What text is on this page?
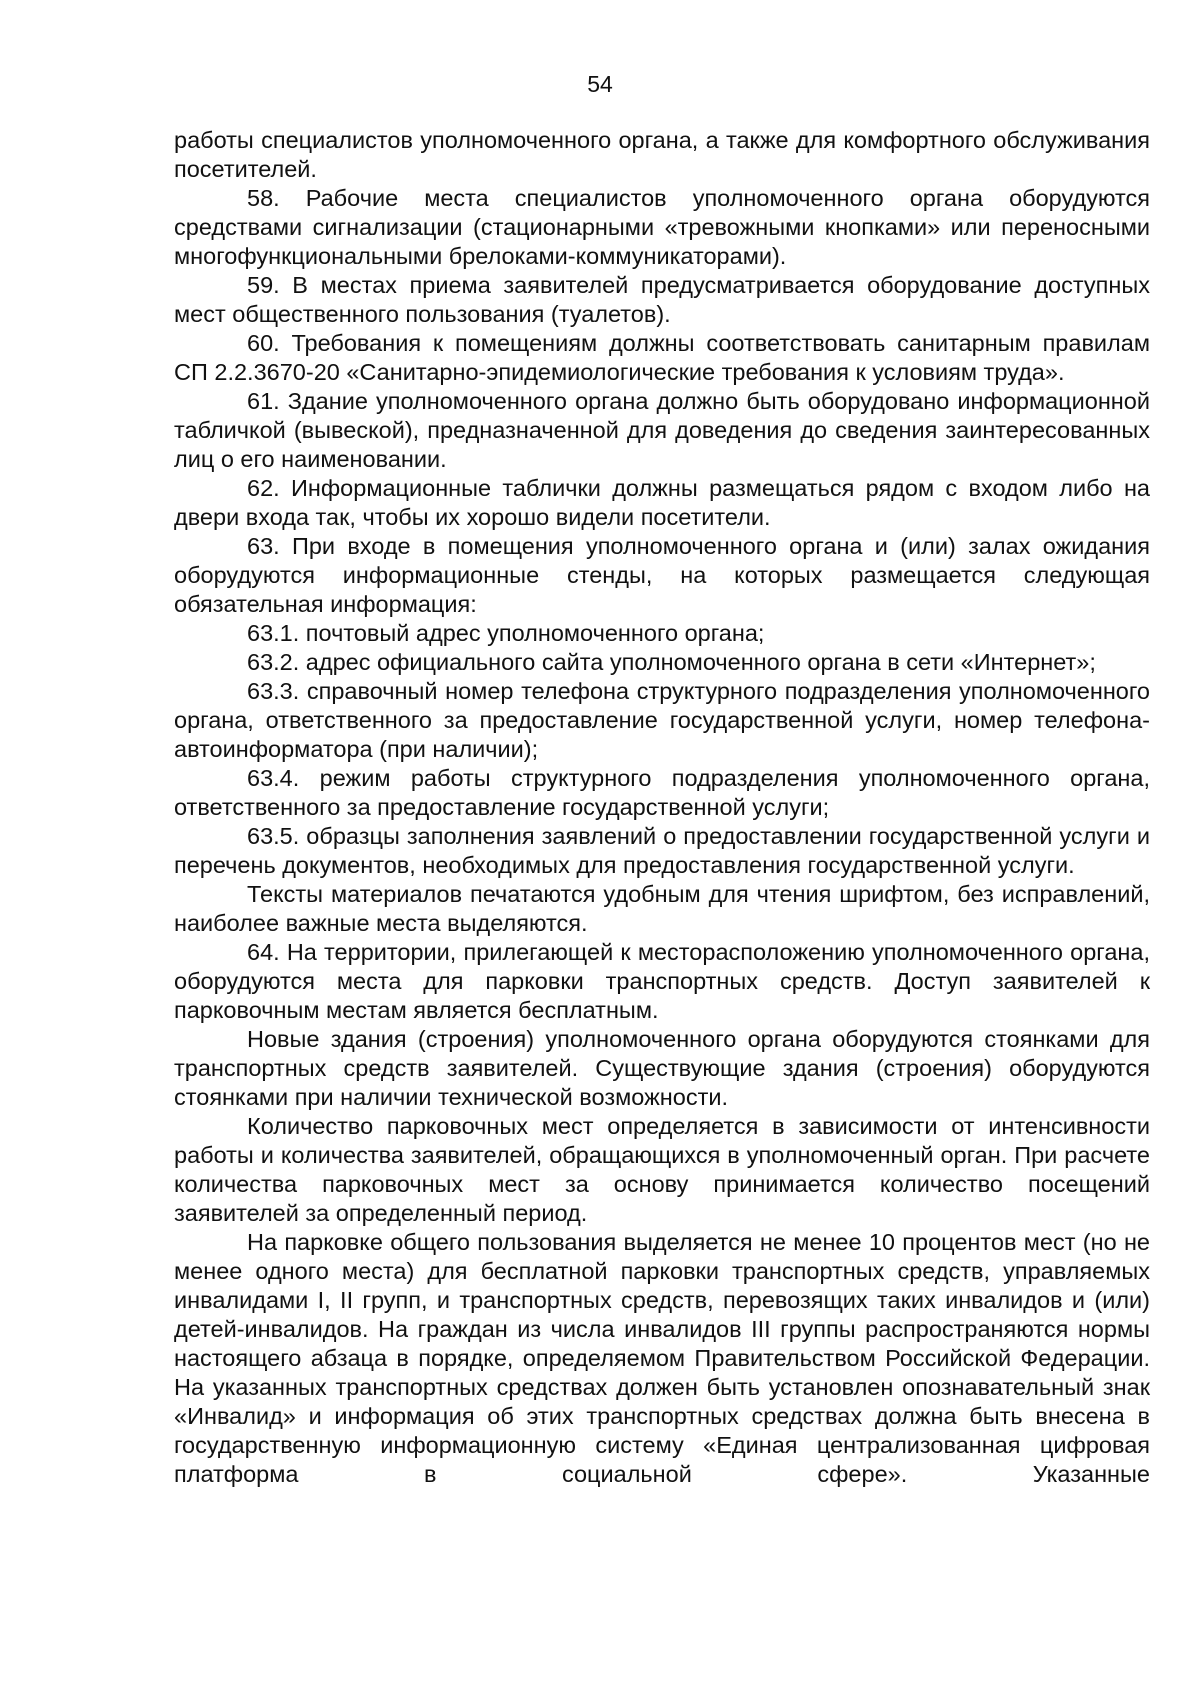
54

работы специалистов уполномоченного органа, а также для комфортного обслуживания посетителей.

58. Рабочие места специалистов уполномоченного органа оборудуются средствами сигнализации (стационарными «тревожными кнопками» или переносными многофункциональными брелоками-коммуникаторами).

59. В местах приема заявителей предусматривается оборудование доступных мест общественного пользования (туалетов).

60. Требования к помещениям должны соответствовать санитарным правилам СП 2.2.3670-20 «Санитарно-эпидемиологические требования к условиям труда».

61. Здание уполномоченного органа должно быть оборудовано информационной табличкой (вывеской), предназначенной для доведения до сведения заинтересованных лиц о его наименовании.

62. Информационные таблички должны размещаться рядом с входом либо на двери входа так, чтобы их хорошо видели посетители.

63. При входе в помещения уполномоченного органа и (или) залах ожидания оборудуются информационные стенды, на которых размещается следующая обязательная информация:

63.1. почтовый адрес уполномоченного органа;

63.2. адрес официального сайта уполномоченного органа в сети «Интернет»;

63.3. справочный номер телефона структурного подразделения уполномоченного органа, ответственного за предоставление государственной услуги, номер телефона-автоинформатора (при наличии);

63.4. режим работы структурного подразделения уполномоченного органа, ответственного за предоставление государственной услуги;

63.5. образцы заполнения заявлений о предоставлении государственной услуги и перечень документов, необходимых для предоставления государственной услуги.

Тексты материалов печатаются удобным для чтения шрифтом, без исправлений, наиболее важные места выделяются.

64. На территории, прилегающей к месторасположению уполномоченного органа, оборудуются места для парковки транспортных средств. Доступ заявителей к парковочным местам является бесплатным.

Новые здания (строения) уполномоченного органа оборудуются стоянками для транспортных средств заявителей. Существующие здания (строения) оборудуются стоянками при наличии технической возможности.

Количество парковочных мест определяется в зависимости от интенсивности работы и количества заявителей, обращающихся в уполномоченный орган. При расчете количества парковочных мест за основу принимается количество посещений заявителей за определенный период.

На парковке общего пользования выделяется не менее 10 процентов мест (но не менее одного места) для бесплатной парковки транспортных средств, управляемых инвалидами I, II групп, и транспортных средств, перевозящих таких инвалидов и (или) детей-инвалидов. На граждан из числа инвалидов III группы распространяются нормы настоящего абзаца в порядке, определяемом Правительством Российской Федерации. На указанных транспортных средствах должен быть установлен опознавательный знак «Инвалид» и информация об этих транспортных средствах должна быть внесена в государственную информационную систему «Единая централизованная цифровая платформа в социальной сфере». Указанные
